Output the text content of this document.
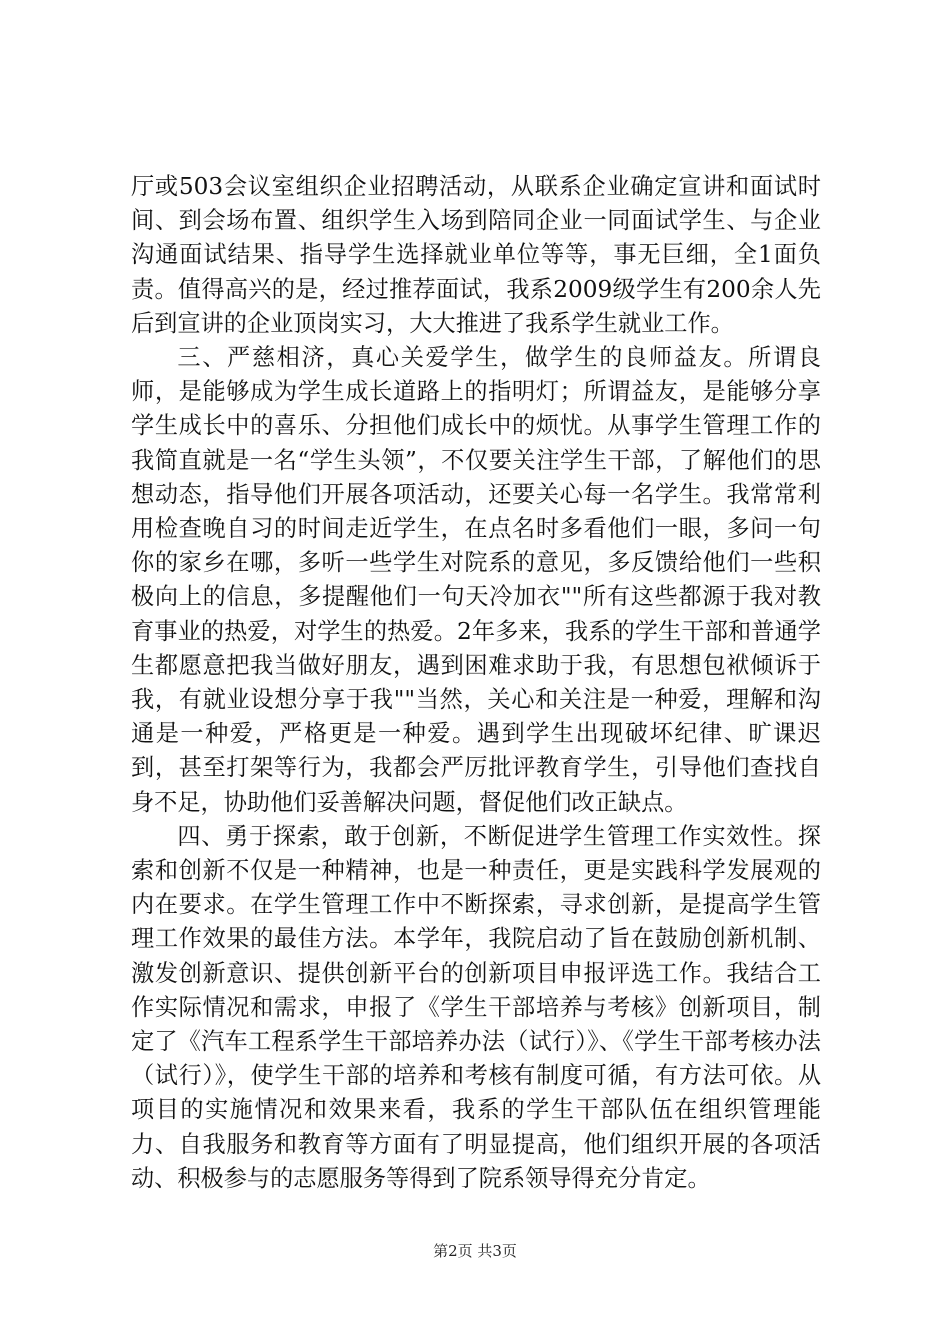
厅或503会议室组织企业招聘活动，从联系企业确定宣讲和面试时间、到会场布置、组织学生入场到陪同企业一同面试学生、与企业沟通面试结果、指导学生选择就业单位等等，事无巨细，全1面负责。值得高兴的是，经过推荐面试，我系2009级学生有200余人先后到宣讲的企业顶岗实习，大大推进了我系学生就业工作。

三、严慈相济，真心关爱学生，做学生的良师益友。所谓良师，是能够成为学生成长道路上的指明灯；所谓益友，是能够分享学生成长中的喜乐、分担他们成长中的烦忧。从事学生管理工作的我简直就是一名“学生头领”，不仅要关注学生干部，了解他们的思想动态，指导他们开展各项活动，还要关心每一名学生。我常常利用检查晚自习的时间走近学生，在点名时多看他们一眼，多问一句你的家乡在哪，多听一些学生对院系的意见，多反馈给他们一些积极向上的信息，多提醒他们一句天冷加衣""所有这些都源于我对教育事业的热爱，对学生的热爱。2年多来，我系的学生干部和普通学生都愿意把我当做好朋友，遇到困难求助于我，有思想包袱倾诉于我，有就业设想分享于我""当然，关心和关注是一种爱，理解和沟通是一种爱，严格更是一种爱。遇到学生出现破坏纪律、旷课迟到，甚至打架等行为，我都会严厉批评教育学生，引导他们查找自身不足，协助他们妥善解决问题，督促他们改正缺点。

四、勇于探索，敢于创新，不断促进学生管理工作实效性。探索和创新不仅是一种精神，也是一种责任，更是实践科学发展观的内在要求。在学生管理工作中不断探索，寻求创新，是提高学生管理工作效果的最佳方法。本学年，我院启动了旨在鼓励创新机制、激发创新意识、提供创新平台的创新项目申报评选工作。我结合工作实际情况和需求，申报了《学生干部培养与考核》创新项目，制定了《汽车工程系学生干部培养办法（试行）》、《学生干部考核办法（试行）》，使学生干部的培养和考核有制度可循，有方法可依。从项目的实施情况和效果来看，我系的学生干部队伍在组织管理能力、自我服务和教育等方面有了明显提高，他们组织开展的各项活动、积极参与的志愿服务等得到了院系领导得充分肯定。

第2页 共3页
